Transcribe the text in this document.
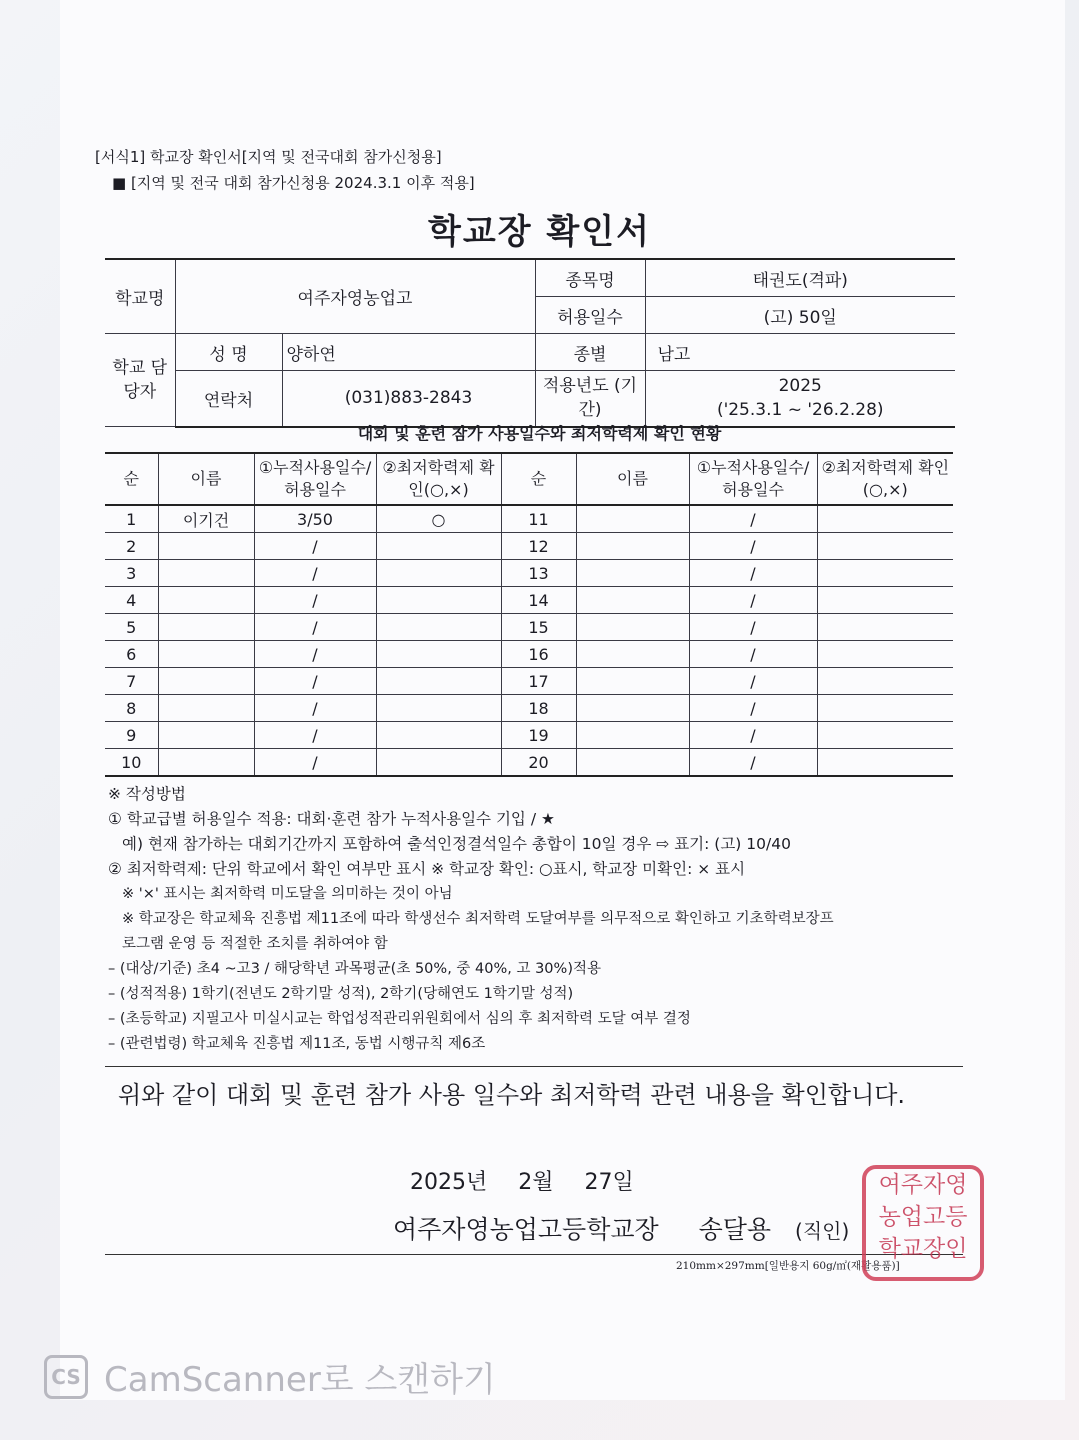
[서식1] 학교장 확인서[지역 및 전국대회 참가신청용]
■ [지역 및 전국 대회 참가신청용 2024.3.1 이후 적용]
학교장 확인서
학교명	여주자영농업고		종목명	태권도(격파)
			허용일수	(고) 50일
학교 담당자	성 명	양하연	종별	남고
	연락처	(031)883-2843	적용년도 (기간)	2025
('25.3.1 ~ '26.2.28)
대회 및 훈련 참가 사용일수와 최저학력제 확인 현황
순	이름	①누적사용일수/ 허용일수	②최저학력제 확인(○,×)	순	이름	①누적사용일수/ 허용일수	②최저학력제 확인(○,×)
1	이기건	3/50	○	11		/	
2		/		12		/	
3		/		13		/	
4		/		14		/	
5		/		15		/	
6		/		16		/	
7		/		17		/	
8		/		18		/	
9		/		19		/	
10		/		20		/	
※ 작성방법
① 학교급별 허용일수 적용: 대회·훈련 참가 누적사용일수 기입 / ★
예) 현재 참가하는 대회기간까지 포함하여 출석인정결석일수 총합이 10일 경우 ⇨ 표기: (고) 10/40
② 최저학력제: 단위 학교에서 확인 여부만 표시 ※ 학교장 확인: ○표시, 학교장 미확인: × 표시
※ '×' 표시는 최저학력 미도달을 의미하는 것이 아님
※ 학교장은 학교체육 진흥법 제11조에 따라 학생선수 최저학력 도달여부를 의무적으로 확인하고 기초학력보장프
로그램 운영 등 적절한 조치를 취하여야 함
– (대상/기준) 초4 ~고3 / 해당학년 과목평균(초 50%, 중 40%, 고 30%)적용
– (성적적용) 1학기(전년도 2학기말 성적), 2학기(당해연도 1학기말 성적)
– (초등학교) 지필고사 미실시교는 학업성적관리위원회에서 심의 후 최저학력 도달 여부 결정
– (관련법령) 학교체육 진흥법 제11조, 동법 시행규칙 제6조
위와 같이 대회 및 훈련 참가 사용 일수와 최저학력 관련 내용을 확인합니다.
2025년 2월 27일
여주자영농업고등학교장 송달용 (직인)
210mm×297mm[일반용지 60g/㎡(재활용품)]
여주자영
농업고등
학교장인
CS CamScanner로 스캔하기
